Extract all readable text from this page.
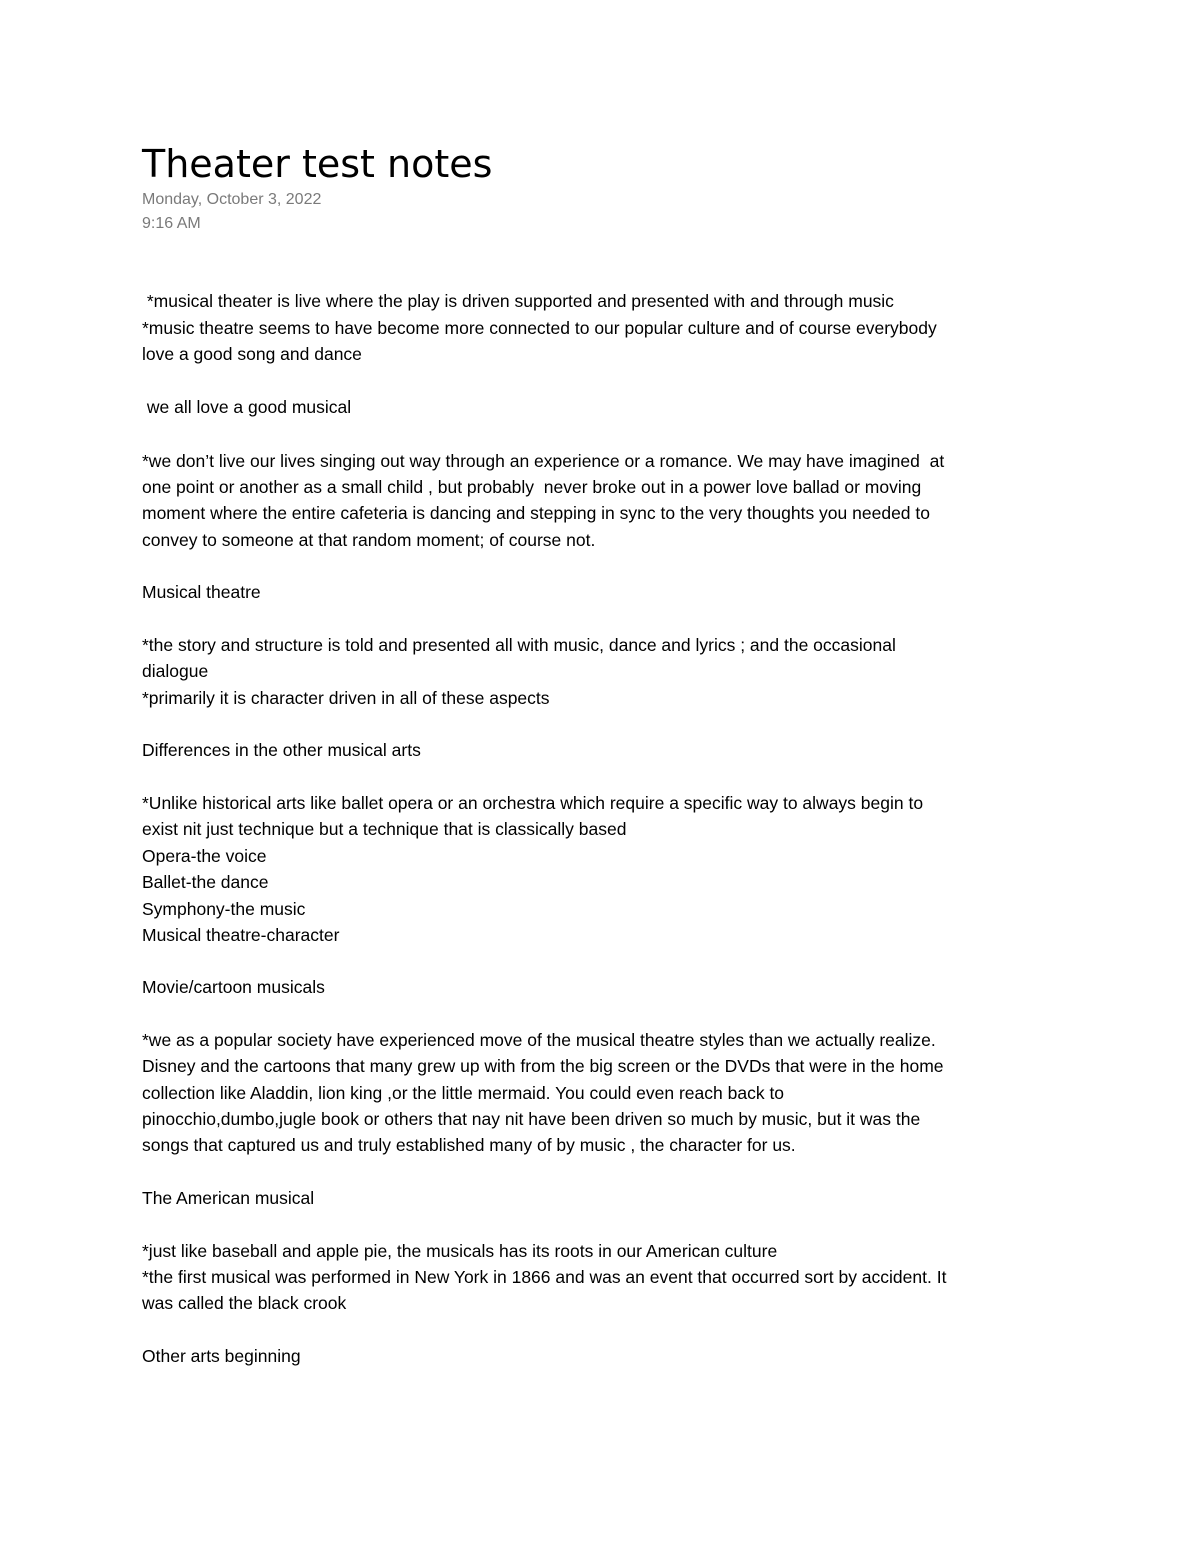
Theater test notes
Monday, October 3, 2022
9:16 AM
*musical theater is live where the play is driven supported and presented with and through music
*music theatre seems to have become more connected to our popular culture and of course everybody
love a good song and dance
we all love a good musical
*we don’t live our lives singing out way through an experience or a romance. We may have imagined  at
one point or another as a small child , but probably  never broke out in a power love ballad or moving
moment where the entire cafeteria is dancing and stepping in sync to the very thoughts you needed to
convey to someone at that random moment; of course not.
Musical theatre
*the story and structure is told and presented all with music, dance and lyrics ; and the occasional
dialogue
*primarily it is character driven in all of these aspects
Differences in the other musical arts
*Unlike historical arts like ballet opera or an orchestra which require a specific way to always begin to
exist nit just technique but a technique that is classically based
Opera-the voice
Ballet-the dance
Symphony-the music
Musical theatre-character
Movie/cartoon musicals
*we as a popular society have experienced move of the musical theatre styles than we actually realize.
Disney and the cartoons that many grew up with from the big screen or the DVDs that were in the home
collection like Aladdin, lion king ,or the little mermaid. You could even reach back to
pinocchio,dumbo,jugle book or others that nay nit have been driven so much by music, but it was the
songs that captured us and truly established many of by music , the character for us.
The American musical
*just like baseball and apple pie, the musicals has its roots in our American culture
*the first musical was performed in New York in 1866 and was an event that occurred sort by accident. It
was called the black crook
Other arts beginning
